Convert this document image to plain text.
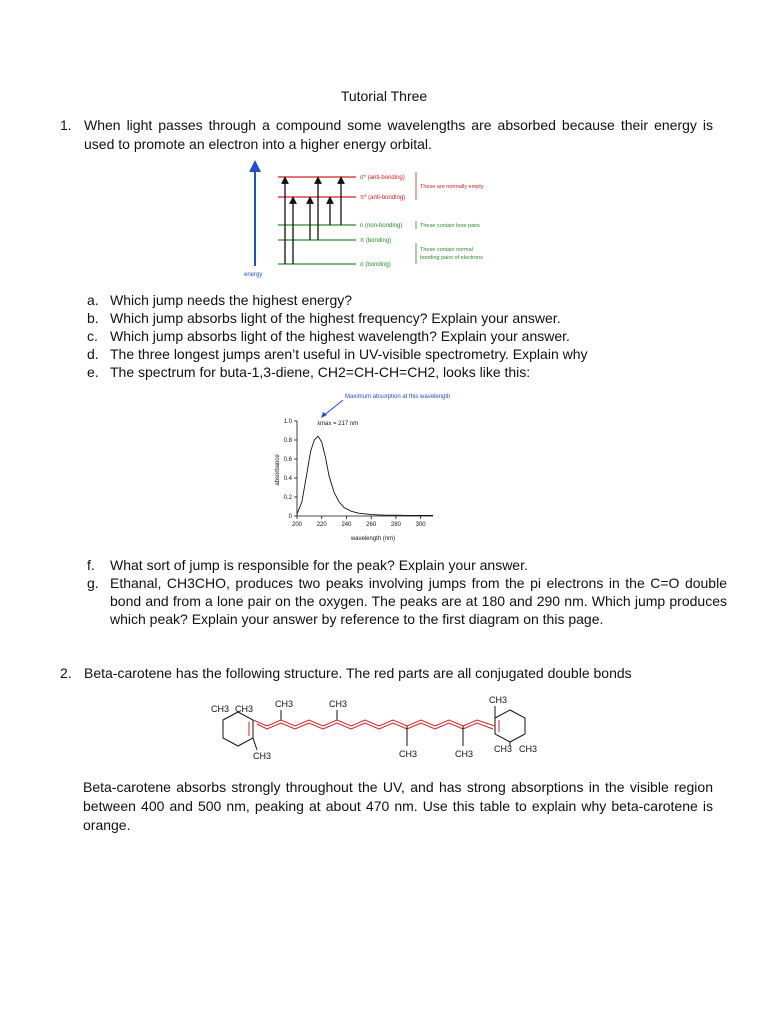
Tutorial Three
1. When light passes through a compound some wavelengths are absorbed because their energy is used to promote an electron into a higher energy orbital.
energy
σ* (anti-bonding)
π* (anti-bonding)
n (non-bonding)
π (bonding)
σ (bonding)
These are normally empty
These contain lone pairs
These contain normal
bonding pairs of electrons
a. Which jump needs the highest energy?
b. Which jump absorbs light of the highest frequency? Explain your answer.
c. Which jump absorbs light of the highest wavelength? Explain your answer.
d. The three longest jumps aren’t useful in UV-visible spectrometry. Explain why
e. The spectrum for buta-1,3-diene, CH2=CH-CH=CH2, looks like this:
Maximum absorption at this wavelength
λmax = 217 nm
absorbance
0
0.2
0.4
0.6
0.8
1.0
200 220 240 260 280 300
wavelength (nm)
f. What sort of jump is responsible for the peak? Explain your answer.
g. Ethanal, CH3CHO, produces two peaks involving jumps from the pi electrons in the C=O double bond and from a lone pair on the oxygen. The peaks are at 180 and 290 nm. Which jump produces which peak? Explain your answer by reference to the first diagram on this page.
2. Beta-carotene has the following structure. The red parts are all conjugated double bonds
CH3 CH3 CH3	CH3
CH3	CH3	CH3
CH3
CH3 CH3
Beta-carotene absorbs strongly throughout the UV, and has strong absorptions in the visible region between 400 and 500 nm, peaking at about 470 nm. Use this table to explain why beta-carotene is orange.
